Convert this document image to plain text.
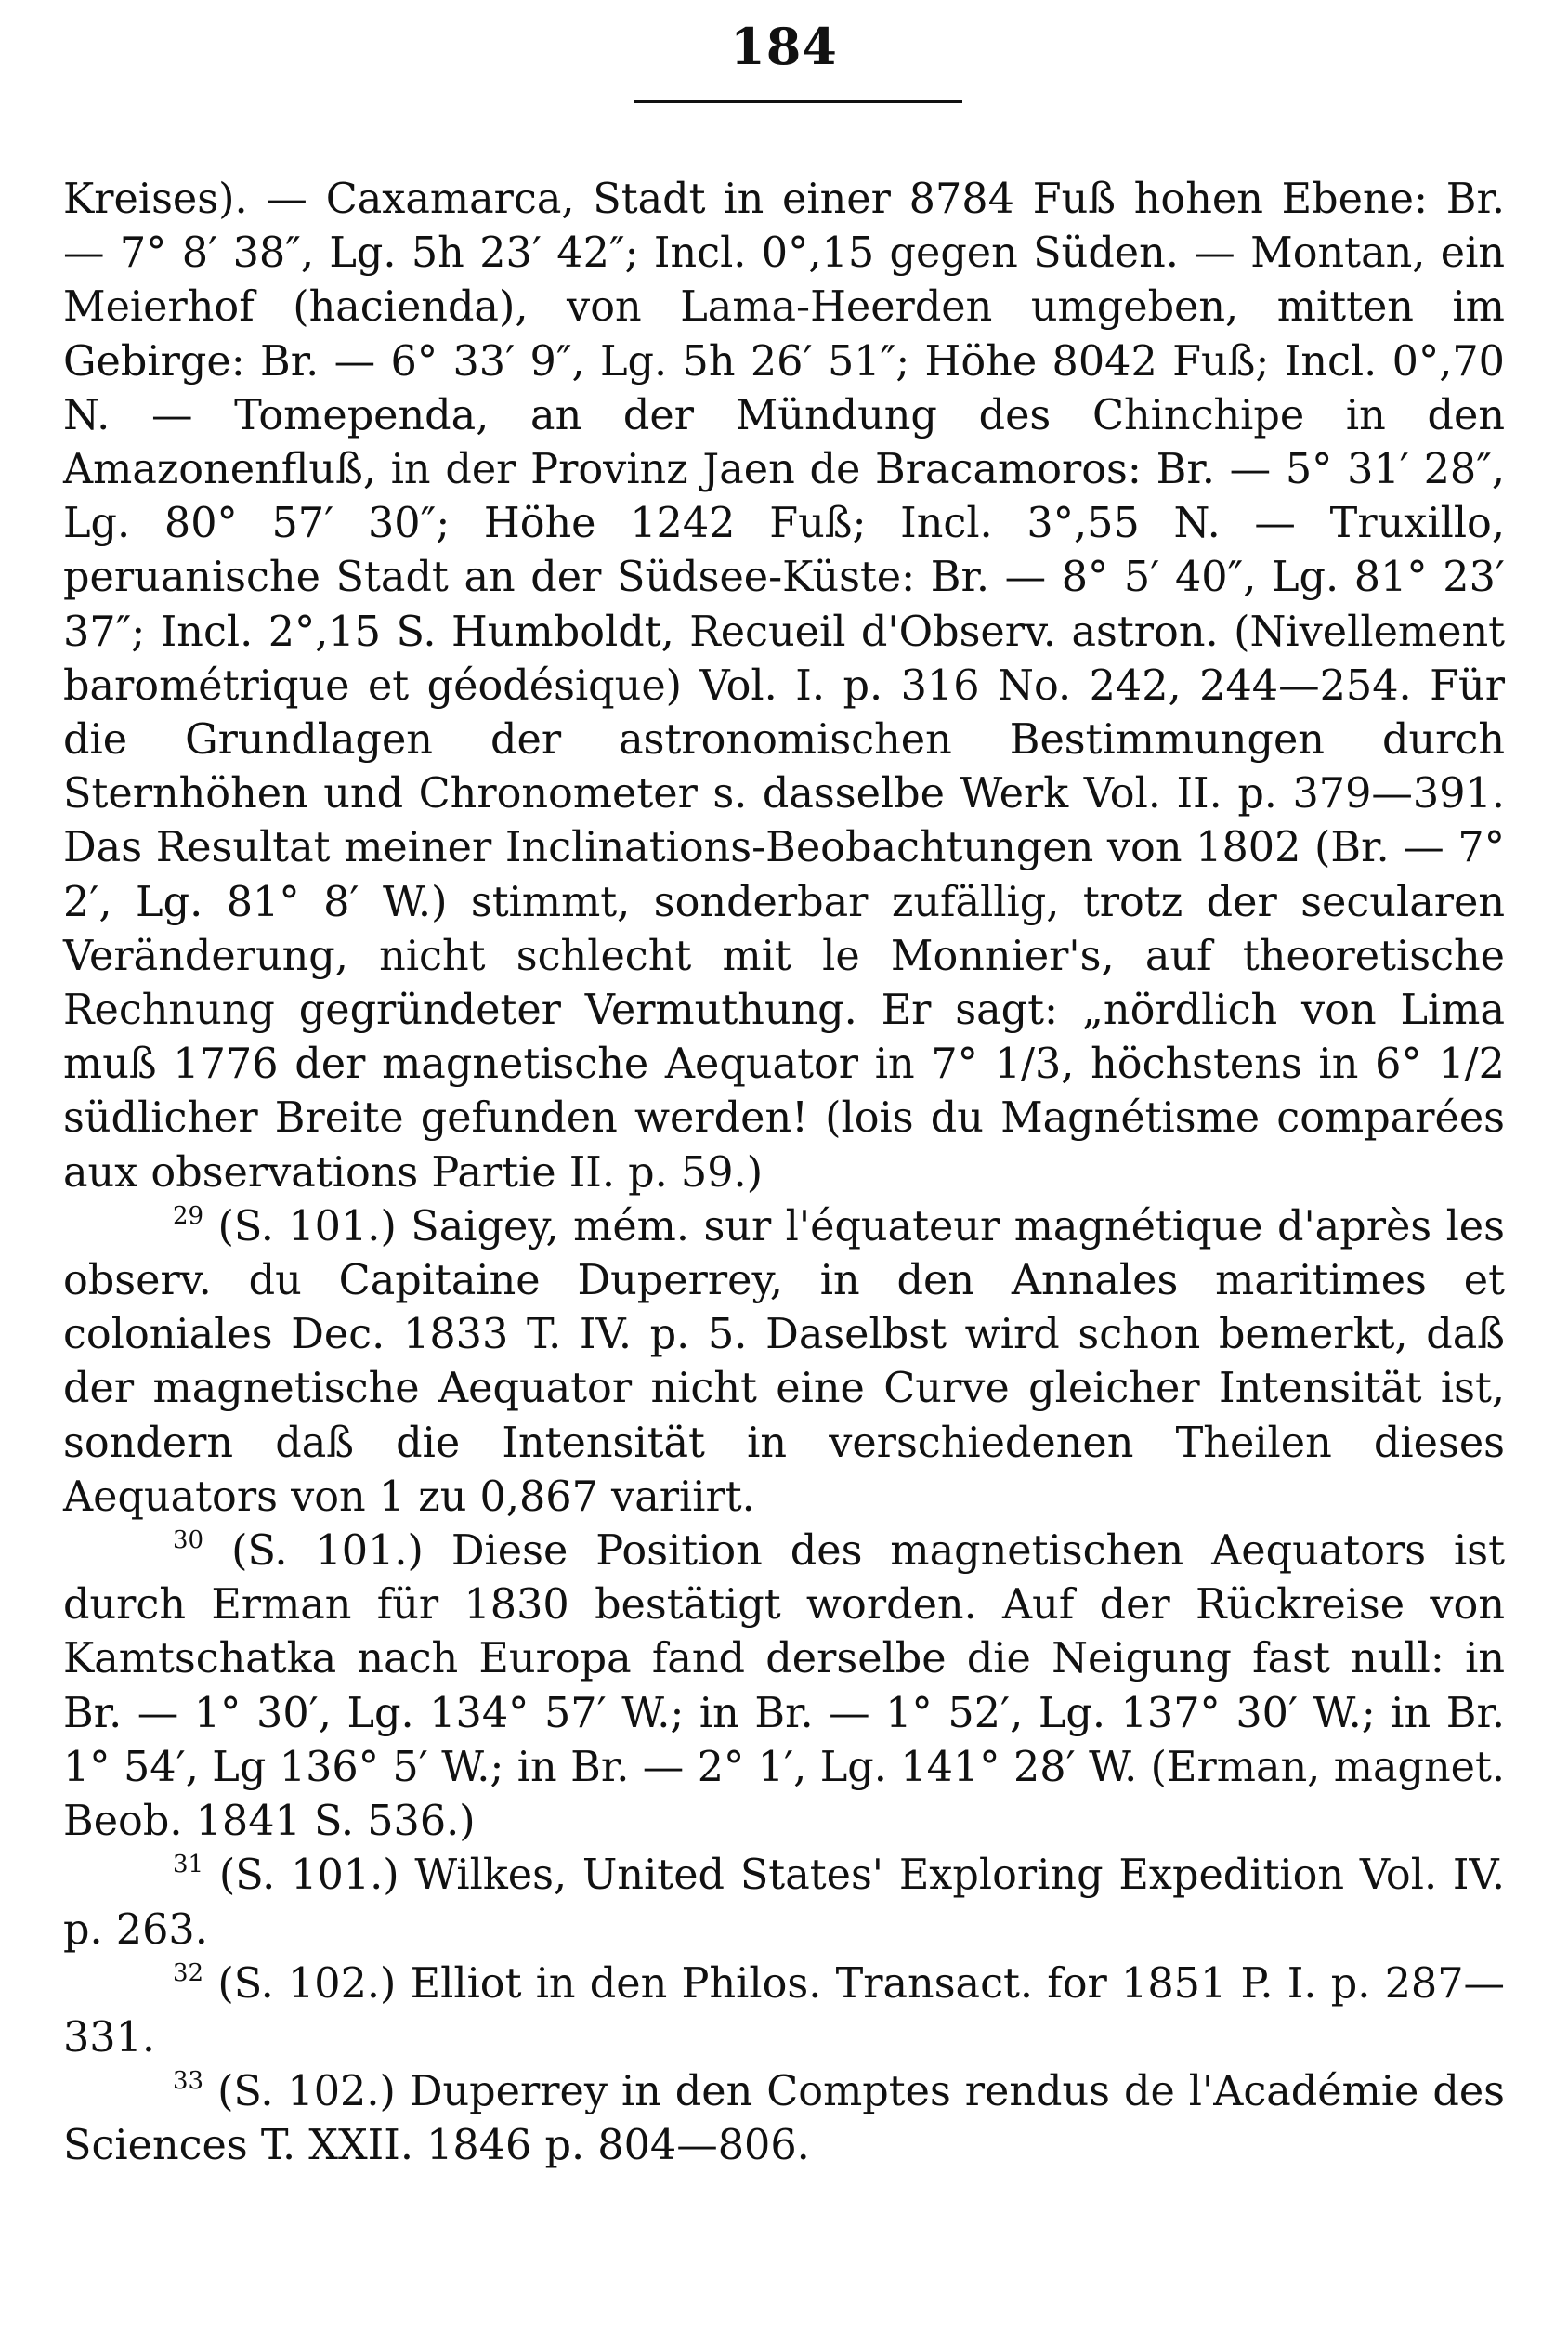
184

Kreises). — Caxamarca, Stadt in einer 8784 Fuß hohen Ebene: Br. — 7° 8′ 38″, Lg. 5h 23′ 42″; Incl. 0°,15 gegen Süden. — Montan, ein Meierhof (hacienda), von Lama-Heerden umgeben, mitten im Gebirge: Br. — 6° 33′ 9″, Lg. 5h 26′ 51″; Höhe 8042 Fuß; Incl. 0°,70 N. — Tomependa, an der Mündung des Chinchipe in den Amazonenfluß, in der Provinz Jaen de Bracamoros: Br. — 5° 31′ 28″, Lg. 80° 57′ 30″; Höhe 1242 Fuß; Incl. 3°,55 N. — Truxillo, peruanische Stadt an der Südsee-Küste: Br. — 8° 5′ 40″, Lg. 81° 23′ 37″; Incl. 2°,15 S. Humboldt, Recueil d'Observ. astron. (Nivellement barométrique et géodésique) Vol. I. p. 316 No. 242, 244—254. Für die Grundlagen der astronomischen Bestimmungen durch Sternhöhen und Chronometer s. dasselbe Werk Vol. II. p. 379—391. Das Resultat meiner Inclinations-Beobachtungen von 1802 (Br. — 7° 2′, Lg. 81° 8′ W.) stimmt, sonderbar zufällig, trotz der secularen Veränderung, nicht schlecht mit le Monnier's, auf theoretische Rechnung gegründeter Vermuthung. Er sagt: „nördlich von Lima muß 1776 der magnetische Aequator in 7° 1/3, höchstens in 6° 1/2 südlicher Breite gefunden werden! (lois du Magnétisme comparées aux observations Partie II. p. 59.)

$^{29}$ (S. 101.) Saigey, mém. sur l'équateur magnétique d'après les observ. du Capitaine Duperrey, in den Annales maritimes et coloniales Dec. 1833 T. IV. p. 5. Daselbst wird schon bemerkt, daß der magnetische Aequator nicht eine Curve gleicher Intensität ist, sondern daß die Intensität in verschiedenen Theilen dieses Aequators von 1 zu 0,867 variirt.

$^{30}$ (S. 101.) Diese Position des magnetischen Aequators ist durch Erman für 1830 bestätigt worden. Auf der Rückreise von Kamtschatka nach Europa fand derselbe die Neigung fast null: in Br. — 1° 30′, Lg. 134° 57′ W.; in Br. — 1° 52′, Lg. 137° 30′ W.; in Br. 1° 54′, Lg 136° 5′ W.; in Br. — 2° 1′, Lg. 141° 28′ W. (Erman, magnet. Beob. 1841 S. 536.)

$^{31}$ (S. 101.) Wilkes, United States' Exploring Expedition Vol. IV. p. 263.

$^{32}$ (S. 102.) Elliot in den Philos. Transact. for 1851 P. I. p. 287—331.

$^{33}$ (S. 102.) Duperrey in den Comptes rendus de l'Académie des Sciences T. XXII. 1846 p. 804—806.
